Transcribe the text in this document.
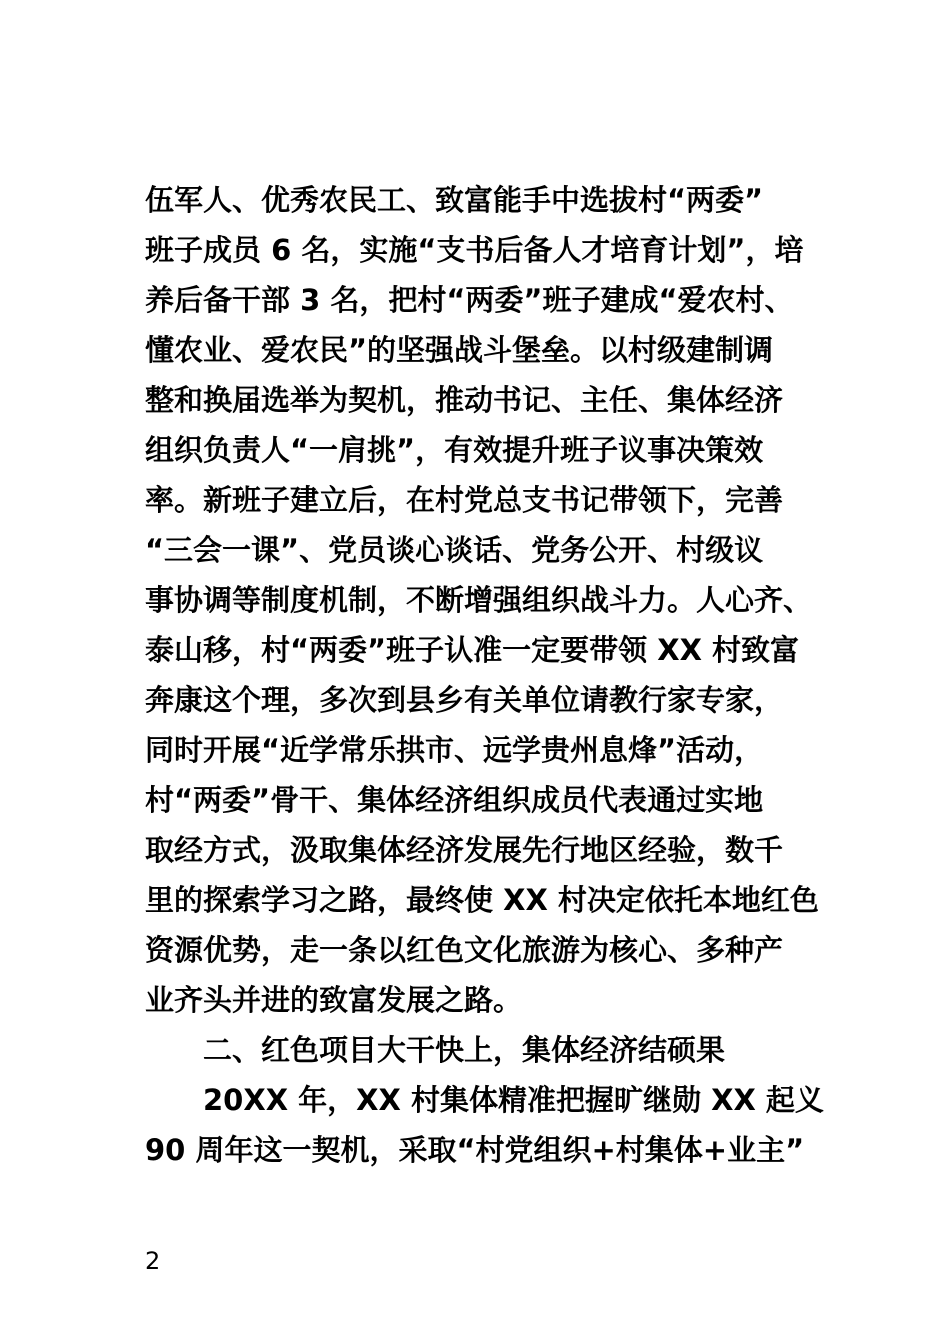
伍军人、优秀农民工、致富能手中选拔村“两委”
班子成员 6 名，实施“支书后备人才培育计划”，培
养后备干部 3 名，把村“两委”班子建成“爱农村、
懂农业、爱农民”的坚强战斗堡垒。以村级建制调
整和换届选举为契机，推动书记、主任、集体经济
组织负责人“一肩挑”，有效提升班子议事决策效
率。新班子建立后，在村党总支书记带领下，完善
“三会一课”、党员谈心谈话、党务公开、村级议
事协调等制度机制，不断增强组织战斗力。人心齐、
泰山移，村“两委”班子认准一定要带领 XX 村致富
奔康这个理，多次到县乡有关单位请教行家专家，
同时开展“近学常乐拱市、远学贵州息烽”活动，
村“两委”骨干、集体经济组织成员代表通过实地
取经方式，汲取集体经济发展先行地区经验，数千
里的探索学习之路，最终使 XX 村决定依托本地红色
资源优势，走一条以红色文化旅游为核心、多种产
业齐头并进的致富发展之路。
二、红色项目大干快上，集体经济结硕果
20XX 年，XX 村集体精准把握旷继勋 XX 起义
90 周年这一契机，采取“村党组织+村集体+业主”
2
